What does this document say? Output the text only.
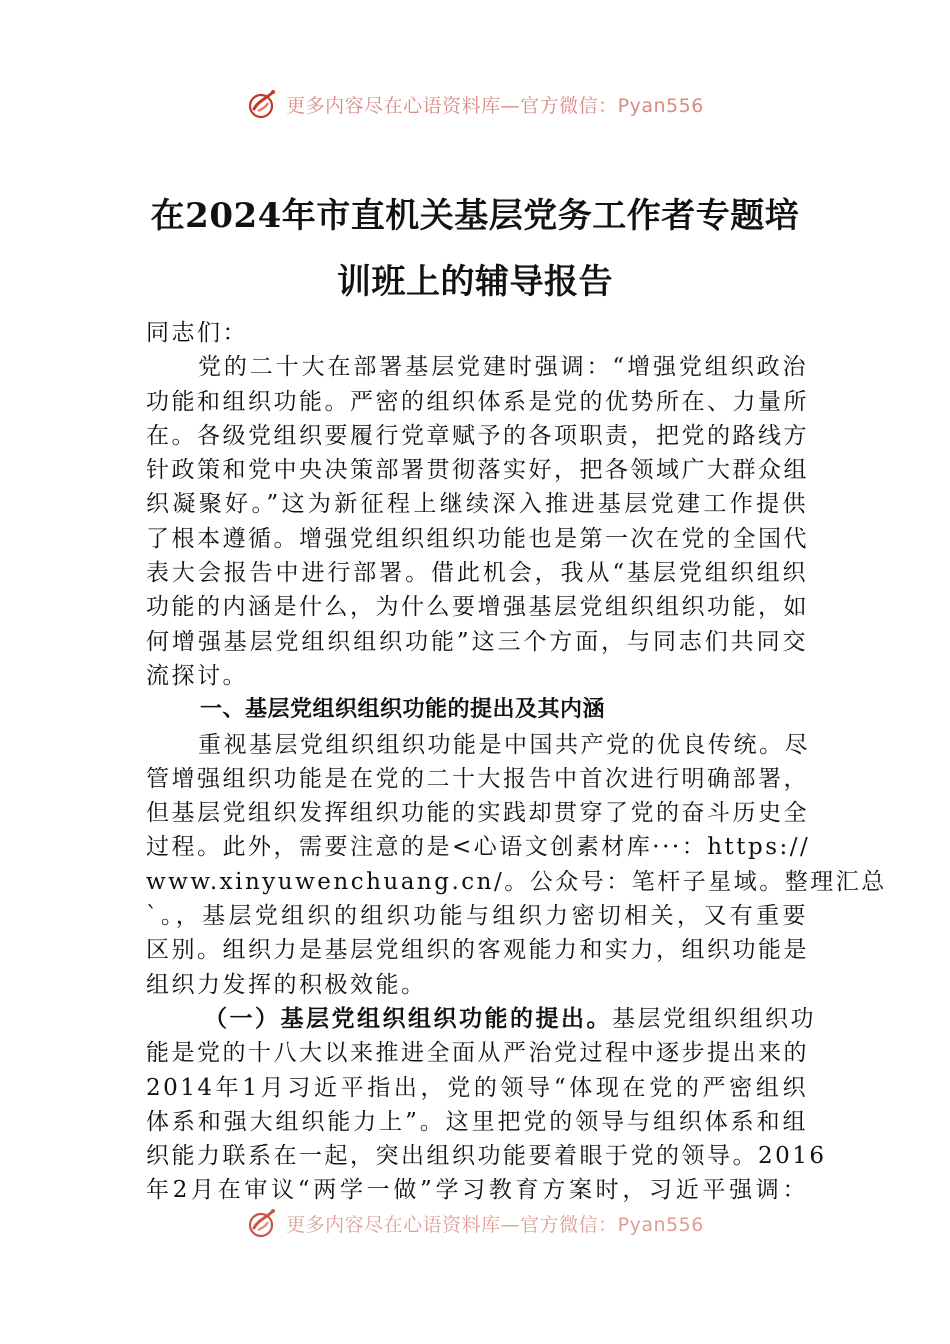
更多内容尽在心语资料库—官方微信：Pyan556
在2024年市直机关基层党务工作者专题培
训班上的辅导报告
同志们：
党的二十大在部署基层党建时强调：“增强党组织政治
功能和组织功能。严密的组织体系是党的优势所在、力量所
在。各级党组织要履行党章赋予的各项职责，把党的路线方
针政策和党中央决策部署贯彻落实好，把各领域广大群众组
织凝聚好。”这为新征程上继续深入推进基层党建工作提供
了根本遵循。增强党组织组织功能也是第一次在党的全国代
表大会报告中进行部署。借此机会，我从“基层党组织组织
功能的内涵是什么，为什么要增强基层党组织组织功能，如
何增强基层党组织组织功能”这三个方面，与同志们共同交
流探讨。
一、基层党组织组织功能的提出及其内涵
重视基层党组织组织功能是中国共产党的优良传统。尽
管增强组织功能是在党的二十大报告中首次进行明确部署，
但基层党组织发挥组织功能的实践却贯穿了党的奋斗历史全
过程。此外，需要注意的是<心语文创素材库···：https://
www.xinyuwenchuang.cn/。公众号：笔杆子星域。整理汇总
`。，基层党组织的组织功能与组织力密切相关，又有重要
区别。组织力是基层党组织的客观能力和实力，组织功能是
组织力发挥的积极效能。
（一）基层党组织组织功能的提出。基层党组织组织功
能是党的十八大以来推进全面从严治党过程中逐步提出来的
2014年1月习近平指出，党的领导“体现在党的严密组织
体系和强大组织能力上”。这里把党的领导与组织体系和组
织能力联系在一起，突出组织功能要着眼于党的领导。2016
年2月在审议“两学一做”学习教育方案时，习近平强调：
更多内容尽在心语资料库—官方微信：Pyan556
